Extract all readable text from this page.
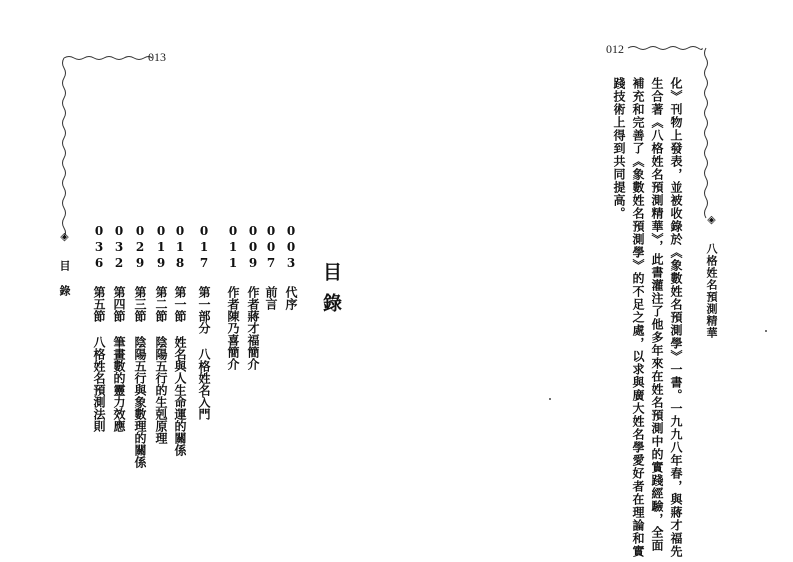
013
◈ 目錄	目錄
003代序
007前言
009作者蔣才福簡介
011作者陳乃喜簡介
017第一部分 八格姓名入門
018第一節 姓名與人生命運的關係
019第二節 陰陽五行的生剋原理
029第三節 陰陽五行與象數理的關係
032第四節 筆畫數的靈力效應
036第五節 八格姓名預測法則
012
◈ 八格姓名預測精華
化》刊物上發表，並被收錄於《象數姓名預測學》一書。一九九八年春，與蔣才福先
生合著《八格姓名預測精華》，此書灌注了他多年來在姓名預測中的實踐經驗，全面
補充和完善了《象數姓名預測學》的不足之處，以求與廣大姓名學愛好者在理論和實
踐技術上得到共同提高。
